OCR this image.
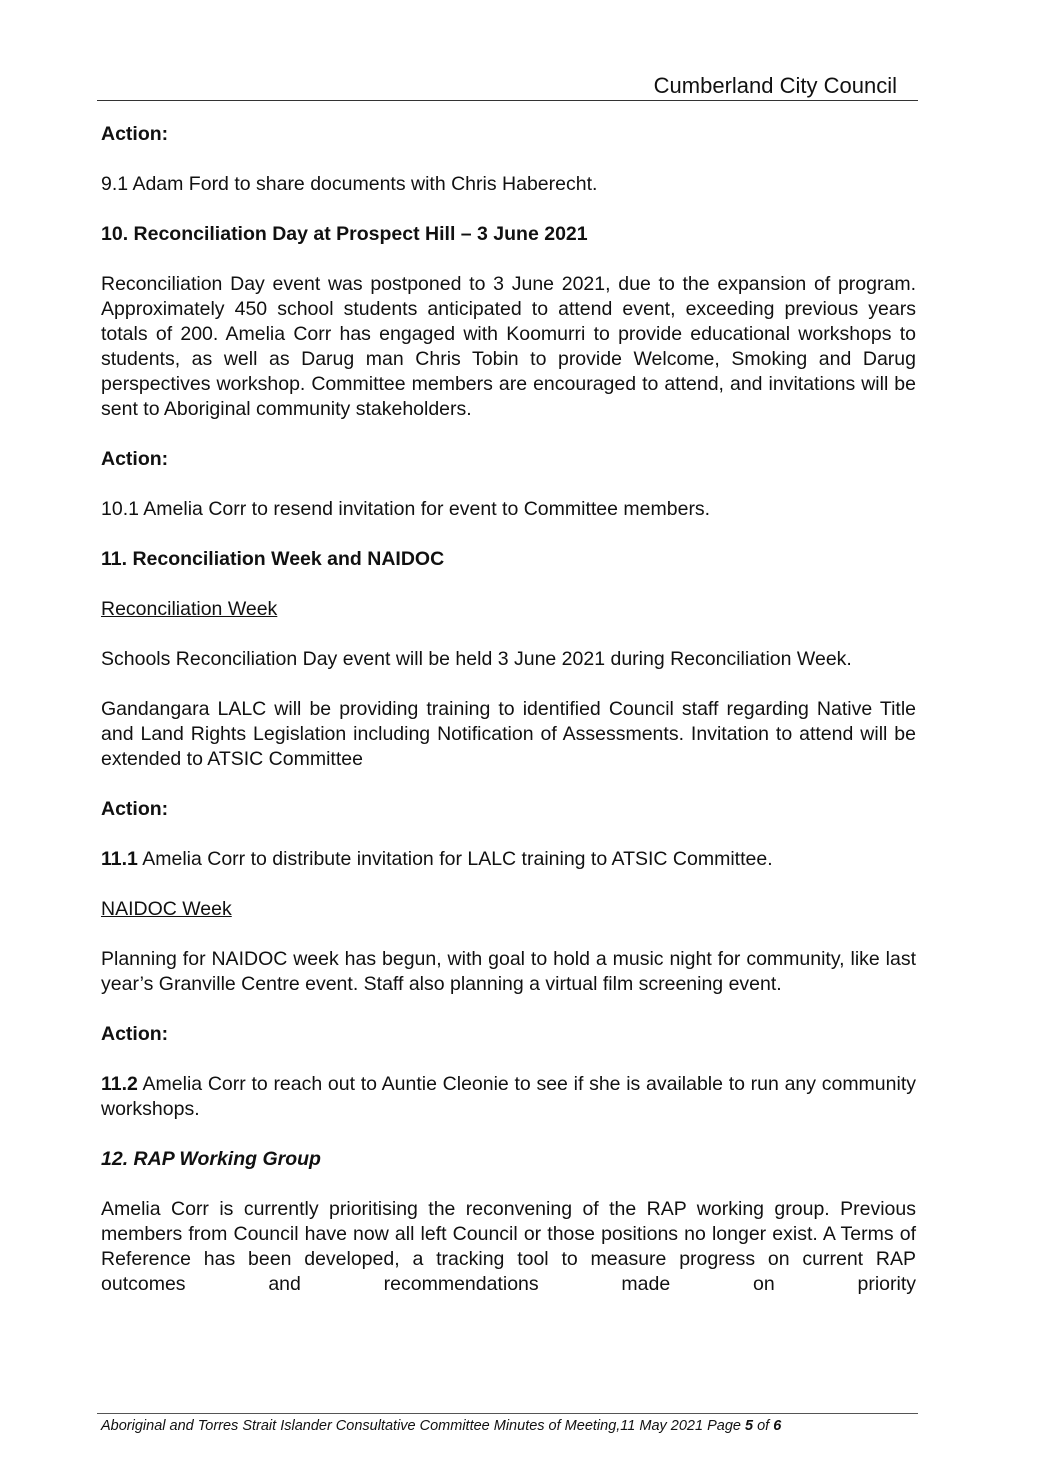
Cumberland City Council

Action:

9.1 Adam Ford to share documents with Chris Haberecht.

10. Reconciliation Day at Prospect Hill – 3 June 2021

Reconciliation Day event was postponed to 3 June 2021, due to the expansion of program. Approximately 450 school students anticipated to attend event, exceeding previous years totals of 200. Amelia Corr has engaged with Koomurri to provide educational workshops to students, as well as Darug man Chris Tobin to provide Welcome, Smoking and Darug perspectives workshop. Committee members are encouraged to attend, and invitations will be sent to Aboriginal community stakeholders.

Action:

10.1 Amelia Corr to resend invitation for event to Committee members.

11. Reconciliation Week and NAIDOC

Reconciliation Week

Schools Reconciliation Day event will be held 3 June 2021 during Reconciliation Week.

Gandangara LALC will be providing training to identified Council staff regarding Native Title and Land Rights Legislation including Notification of Assessments. Invitation to attend will be extended to ATSIC Committee

Action:

11.1 Amelia Corr to distribute invitation for LALC training to ATSIC Committee.

NAIDOC Week

Planning for NAIDOC week has begun, with goal to hold a music night for community, like last year’s Granville Centre event. Staff also planning a virtual film screening event.

Action:

11.2 Amelia Corr to reach out to Auntie Cleonie to see if she is available to run any community workshops.

12. RAP Working Group

Amelia Corr is currently prioritising the reconvening of the RAP working group. Previous members from Council have now all left Council or those positions no longer exist. A Terms of Reference has been developed, a tracking tool to measure progress on current RAP outcomes and recommendations made on priority

Aboriginal and Torres Strait Islander Consultative Committee Minutes of Meeting,11 May 2021 Page 5 of 6
